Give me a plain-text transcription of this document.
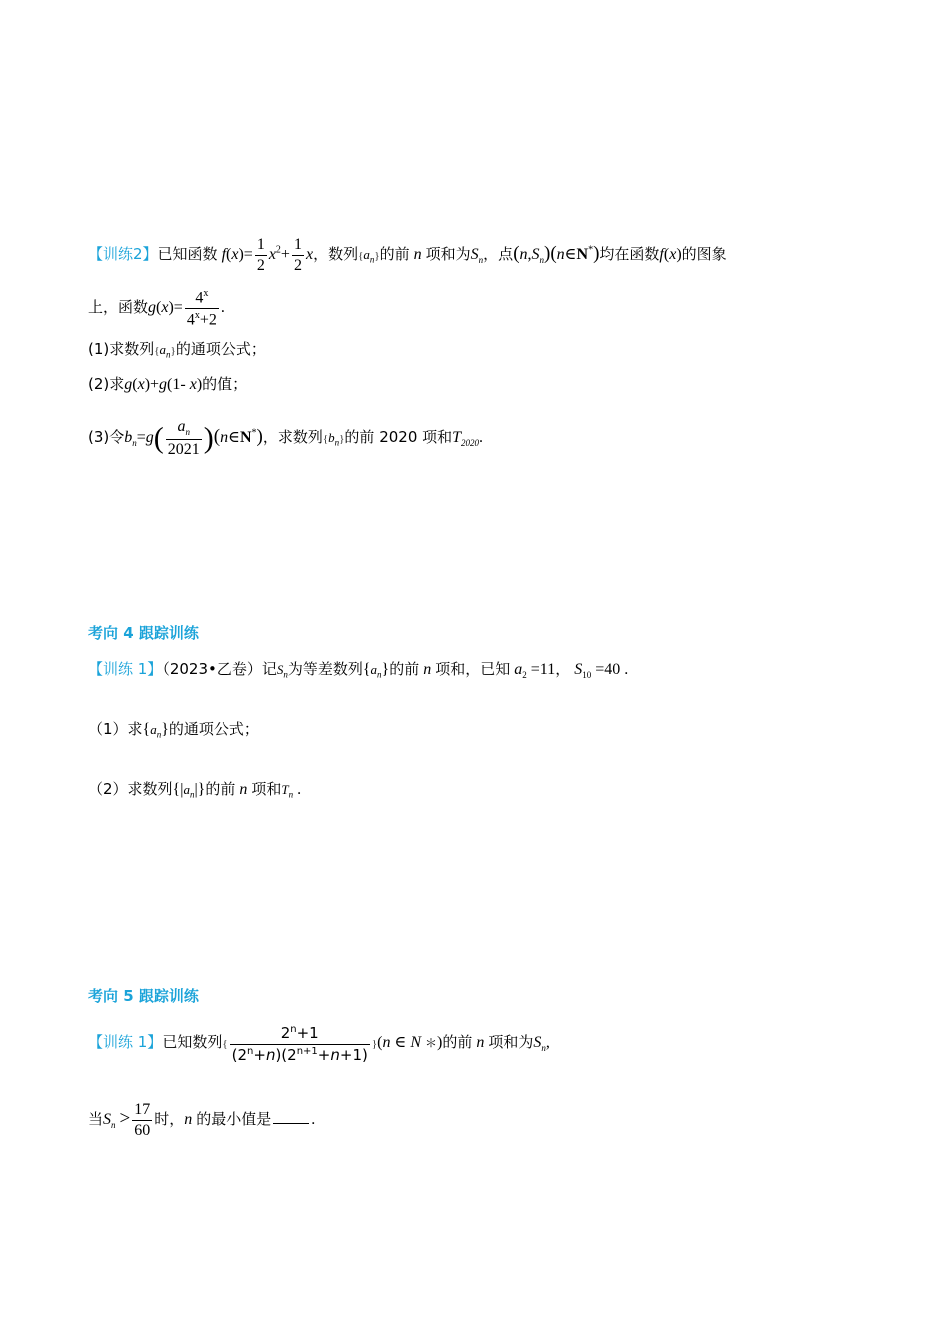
【训练2】已知函数 $f(x)= \frac{1}{2} x^2+ \frac{1}{2}$ x，数列$\{a_n\}$的前 n 项和为$S_n$，点$(n,S_n)(n\in N^*)$均在函数f(x)的图象
上，函数$g(x)= \frac{4^x}{4^x+2}$ .
(1)求数列$\{a_n\}$的通项公式；
(2)求g(x)+g(1- x)的值；
(3)令$b_n=g( \frac{a_n}{2021}$ )(n∈N*)，求数列$\{b_n\}$的前 2020 项和$T_{2020}$.
考向 4 跟踪训练
【训练 1】（2023•乙卷）记$S_n$为等差数列$\{a_n\}$的前 n 项和，已知 $a_2 =11$， $S_{10} =40$ .
（1）求$\{a_n\}$的通项公式；
（2）求数列$\{|a_n|\}$的前 n 项和$T_n$ .
考向 5 跟踪训练
【训练 1】已知数列{ $\frac{2^n+1}{(2^n+n)(2^{n+1}+n+1)} \}(n$ ∈ N ＊)的前 n 项和为$S_n$,
当$S_n > \frac{17}{60}$ 时，n 的最小值是	.
